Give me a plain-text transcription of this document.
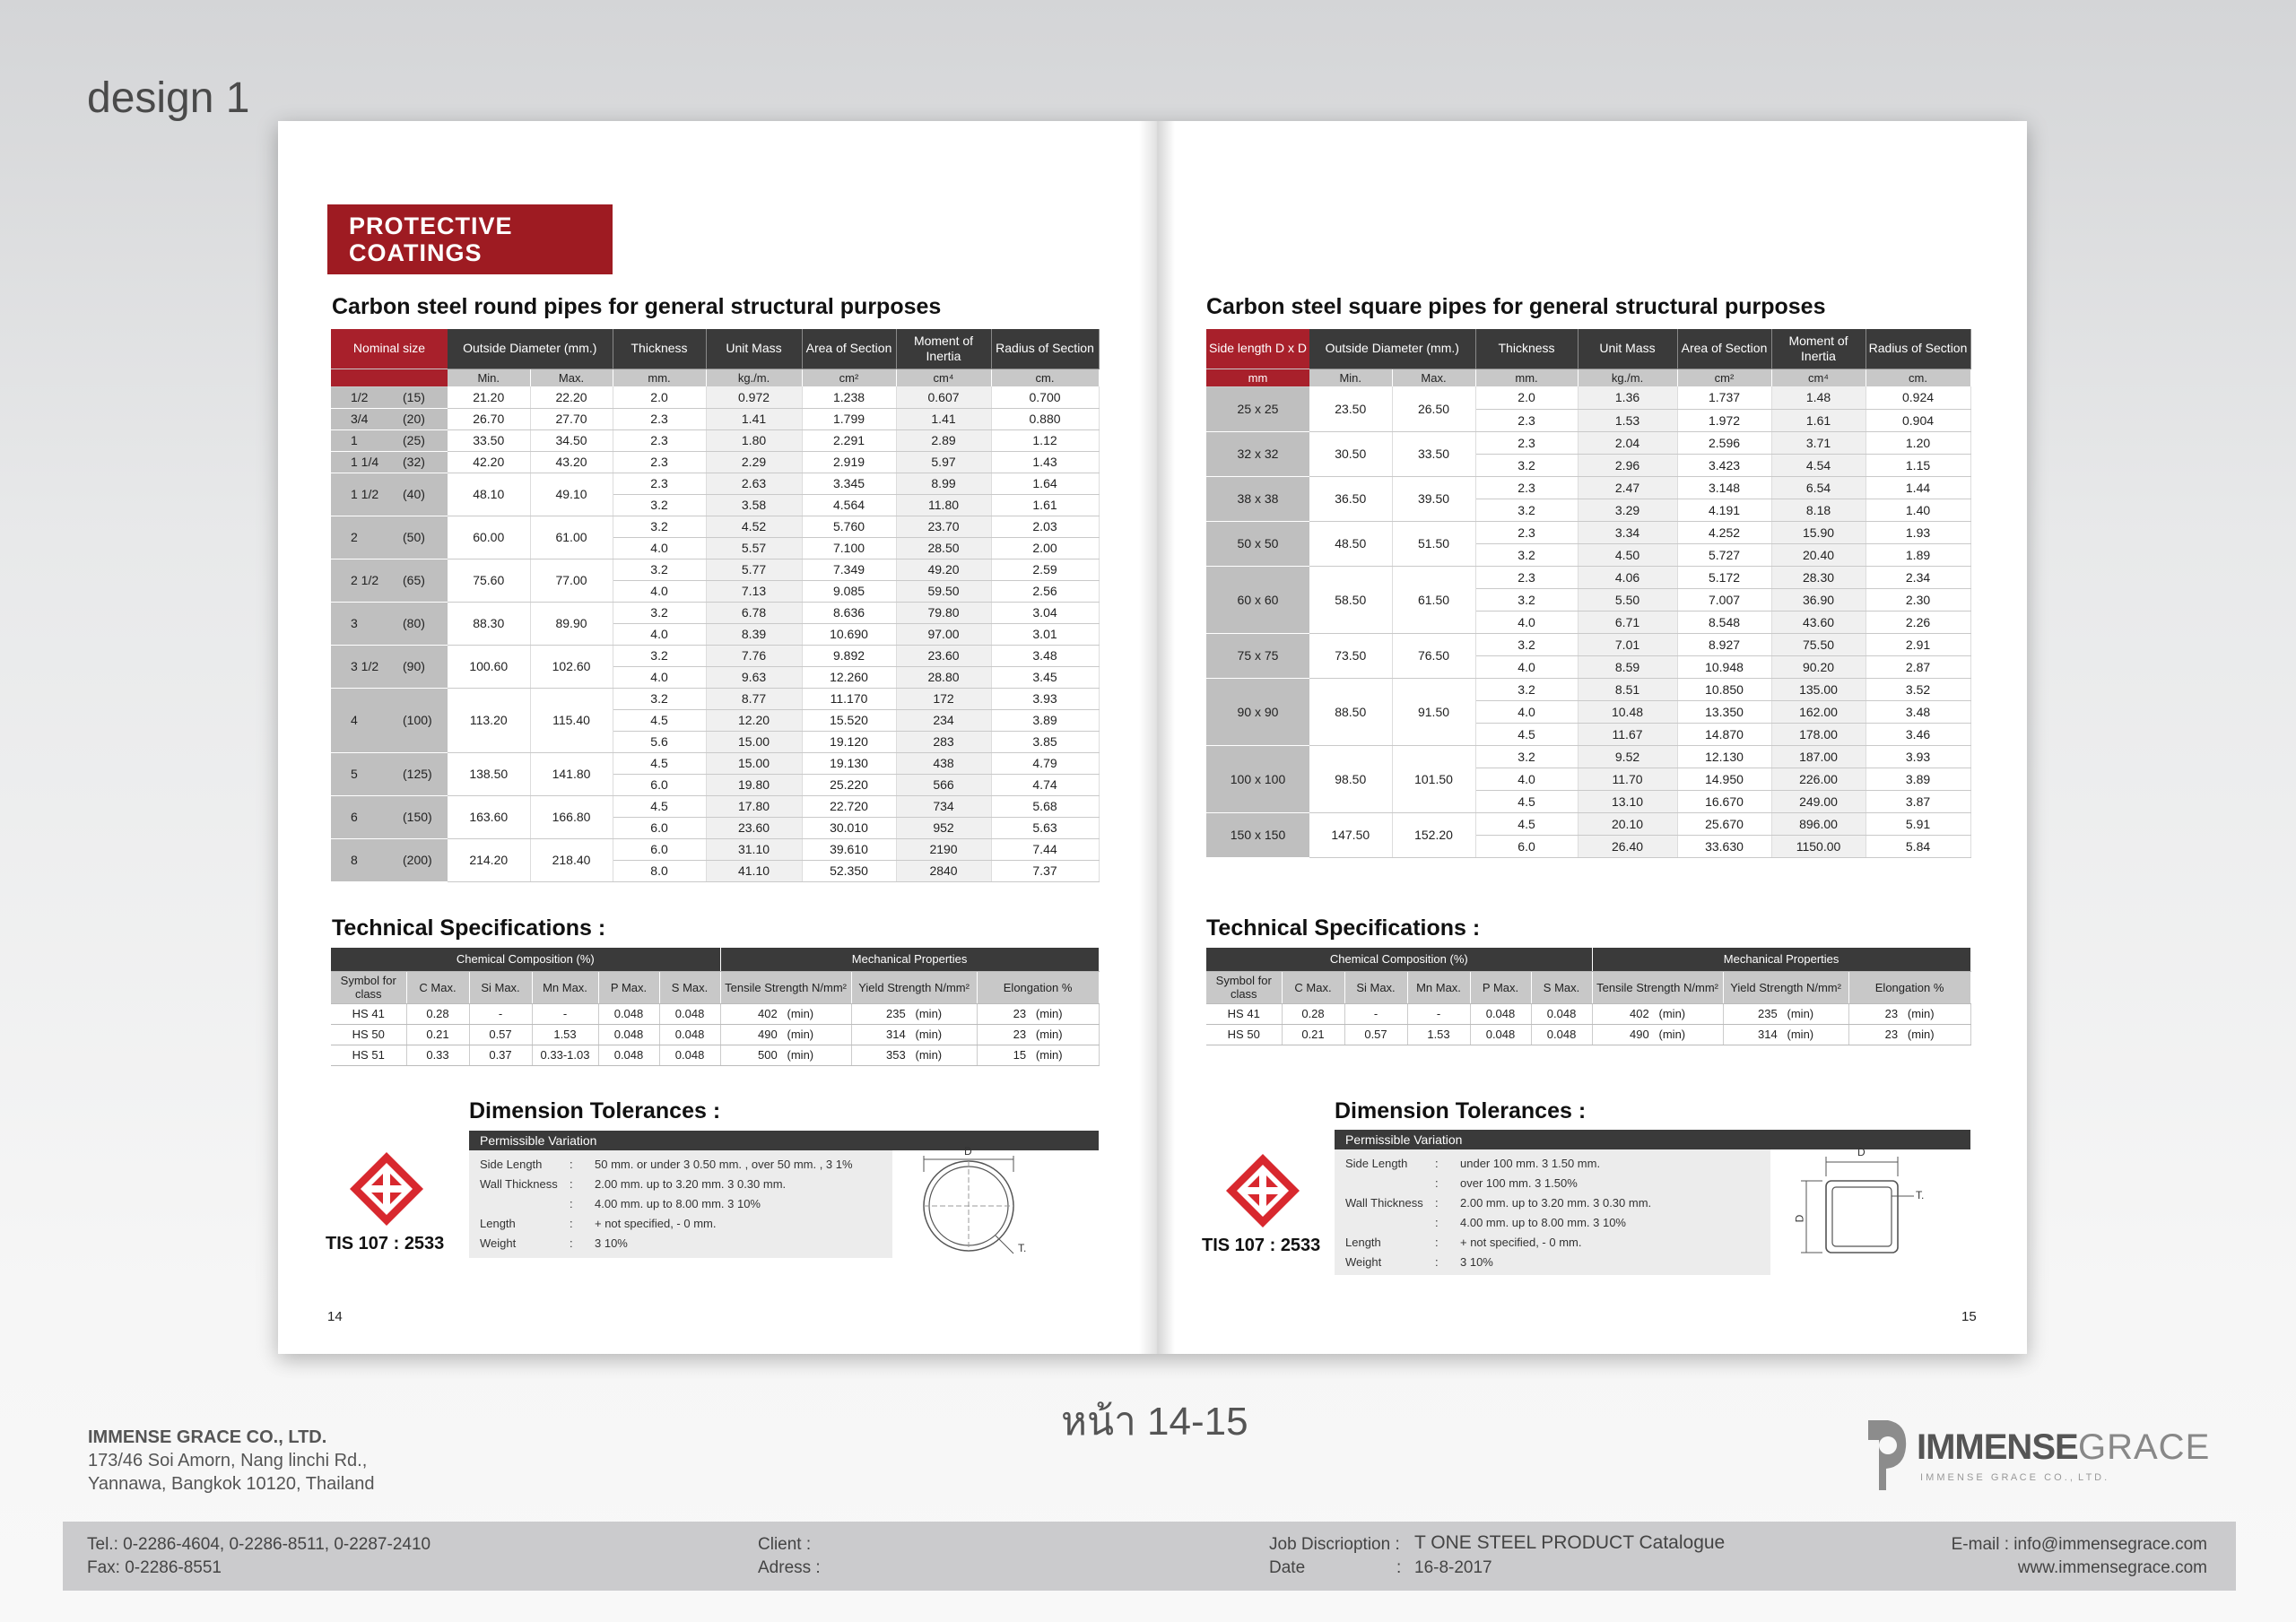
design 1
PROTECTIVE
COATINGS
Carbon steel round pipes for general structural purposes
Nominal size	Outside Diameter (mm.)		Thickness	Unit Mass	Area of Section	Moment of Inertia	Radius of Section

	Min.	Max.	mm.	kg./m.	cm²	cm⁴	cm.
1/2 (15)	21.20	22.20	2.0	0.972	1.238	0.607	0.700
3/4 (20)	26.70	27.70	2.3	1.41	1.799	1.41	0.880
1 (25)	33.50	34.50	2.3	1.80	2.291	2.89	1.12
1 1/4 (32)	42.20	43.20	2.3	2.29	2.919	5.97	1.43
1 1/2 (40)	48.10	49.10	2.3	2.63	3.345	8.99	1.64
			3.2	3.58	4.564	11.80	1.61
2 (50)	60.00	61.00	3.2	4.52	5.760	23.70	2.03
			4.0	5.57	7.100	28.50	2.00
2 1/2 (65)	75.60	77.00	3.2	5.77	7.349	49.20	2.59
			4.0	7.13	9.085	59.50	2.56
3 (80)	88.30	89.90	3.2	6.78	8.636	79.80	3.04
			4.0	8.39	10.690	97.00	3.01
3 1/2 (90)	100.60	102.60	3.2	7.76	9.892	23.60	3.48
			4.0	9.63	12.260	28.80	3.45
4 (100)	113.20	115.40	3.2	8.77	11.170	172	3.93
			4.5	12.20	15.520	234	3.89
			5.6	15.00	19.120	283	3.85
5 (125)	138.50	141.80	4.5	15.00	19.130	438	4.79
			6.0	19.80	25.220	566	4.74
6 (150)	163.60	166.80	4.5	17.80	22.720	734	5.68
			6.0	23.60	30.010	952	5.63
8 (200)	214.20	218.40	6.0	31.10	39.610	2190	7.44
			8.0	41.10	52.350	2840	7.37
Technical Specifications :
Chemical Composition (%)						Mechanical Properties		
Symbol for class	C Max.	Si Max.	Mn Max.	P Max.	S Max.	Tensile Strength N/mm²	Yield Strength N/mm²	Elongation %
HS 41	0.28	-	-	0.048	0.048	402   (min)	235   (min)	23   (min)
HS 50	0.21	0.57	1.53	0.048	0.048	490   (min)	314   (min)	23   (min)
HS 51	0.33	0.37	0.33-1.03	0.048	0.048	500   (min)	353   (min)	15   (min)
Dimension Tolerances :
TIS 107 : 2533
Permissible Variation
D
T.
Side Length : 50 mm. or under 3 0.50 mm. , over 50 mm. , 3 1%
Wall Thickness : 2.00 mm. up to 3.20 mm. 3 0.30 mm.
: 4.00 mm. up to 8.00 mm. 3 10%
Length	: + not specified, - 0 mm.
Weight	: 3 10%
14
Carbon steel square pipes for general structural purposes
Side length D x D	Outside Diameter (mm.)		Thickness	Unit Mass	Area of Section	Moment of Inertia	Radius of Section

mm	Min.	Max.	mm.	kg./m.	cm²	cm⁴	cm.
25 x 25	23.50	26.50	2.0	1.36	1.737	1.48	0.924
			2.3	1.53	1.972	1.61	0.904
32 x 32	30.50	33.50	2.3	2.04	2.596	3.71	1.20
			3.2	2.96	3.423	4.54	1.15
38 x 38	36.50	39.50	2.3	2.47	3.148	6.54	1.44
			3.2	3.29	4.191	8.18	1.40
50 x 50	48.50	51.50	2.3	3.34	4.252	15.90	1.93
			3.2	4.50	5.727	20.40	1.89
60 x 60	58.50	61.50	2.3	4.06	5.172	28.30	2.34
			3.2	5.50	7.007	36.90	2.30
			4.0	6.71	8.548	43.60	2.26
75 x 75	73.50	76.50	3.2	7.01	8.927	75.50	2.91
			4.0	8.59	10.948	90.20	2.87
90 x 90	88.50	91.50	3.2	8.51	10.850	135.00	3.52
			4.0	10.48	13.350	162.00	3.48
			4.5	11.67	14.870	178.00	3.46
100 x 100	98.50	101.50	3.2	9.52	12.130	187.00	3.93
			4.0	11.70	14.950	226.00	3.89
			4.5	13.10	16.670	249.00	3.87
150 x 150	147.50	152.20	4.5	20.10	25.670	896.00	5.91
			6.0	26.40	33.630	1150.00	5.84
Technical Specifications :
Chemical Composition (%)						Mechanical Properties		
Symbol for class	C Max.	Si Max.	Mn Max.	P Max.	S Max.	Tensile Strength N/mm²	Yield Strength N/mm²	Elongation %
HS 41	0.28	-	-	0.048	0.048	402   (min)	235   (min)	23   (min)
HS 50	0.21	0.57	1.53	0.048	0.048	490   (min)	314   (min)	23   (min)
Dimension Tolerances :
TIS 107 : 2533
Permissible Variation
D
D
T.
Side Length : under 100 mm. 3 1.50 mm.
: over 100 mm. 3 1.50%
Wall Thickness : 2.00 mm. up to 3.20 mm. 3 0.30 mm.
: 4.00 mm. up to 8.00 mm. 3 10%
Length	: + not specified, - 0 mm.
Weight	: 3 10%
15
หน้า 14-15
IMMENSE GRACE CO., LTD.
173/46 Soi Amorn, Nang linchi Rd.,
Yannawa, Bangkok 10120, Thailand
IMMENSE GRACE
I M M E N S E   G R A C E   C O . ,  L T D .
Tel.: 0-2286-4604, 0-2286-8511, 0-2287-2410
Fax: 0-2286-8551
Client :
Adress :
Job Discrioption : T ONE STEEL PRODUCT Catalogue
Date	: 16-8-2017
E-mail : info@immensegrace.com
www.immensegrace.com
